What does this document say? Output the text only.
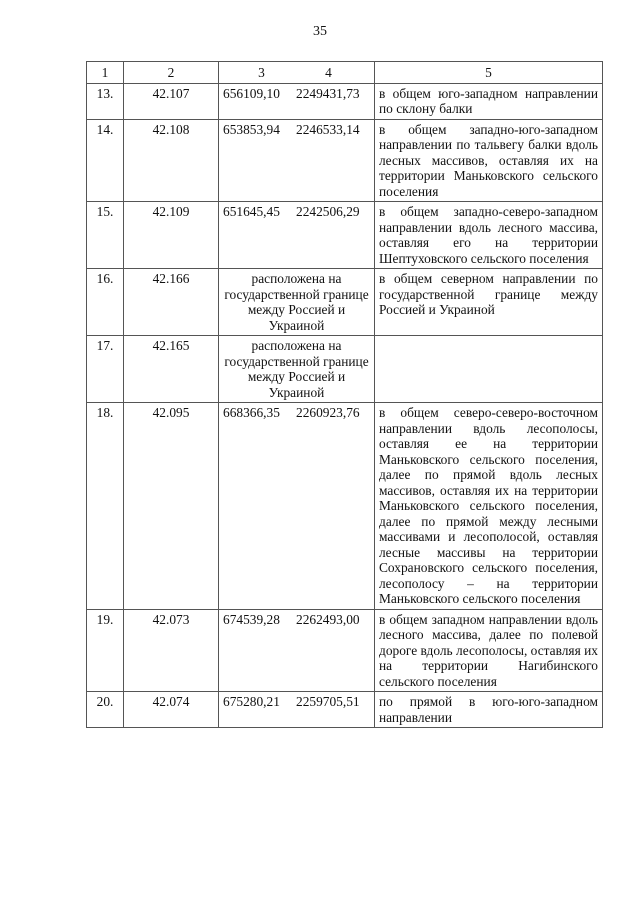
35
1	2	3 4	5
13.	42.107	656109,10 2249431,73	в общем юго-западном направлении по склону балки
14.	42.108	653853,94 2246533,14	в общем западно-юго-западном направлении по тальвегу балки вдоль лесных массивов, оставляя их на территории Маньковского сельского поселения
15.	42.109	651645,45 2242506,29	в общем западно-северо-западном направлении вдоль лесного массива, оставляя его на территории Шептуховского сельского поселения
16.	42.166	расположена на государственной границе между Россией и Украиной	в общем северном направлении по государственной границе между Россией и Украиной
17.	42.165	расположена на государственной границе между Россией и Украиной	
18.	42.095	668366,35 2260923,76	в общем северо-северо-восточном направлении вдоль лесополосы, оставляя ее на территории Маньковского сельского поселения, далее по прямой вдоль лесных массивов, оставляя их на территории Маньковского сельского поселения, далее по прямой между лесными массивами и лесополосой, оставляя лесные массивы на территории Сохрановского сельского поселения, лесополосу – на территории Маньковского сельского поселения
19.	42.073	674539,28 2262493,00	в общем западном направлении вдоль лесного массива, далее по полевой дороге вдоль лесополосы, оставляя их на территории Нагибинского сельского поселения
20.	42.074	675280,21 2259705,51	по прямой в юго-юго-западном направлении
